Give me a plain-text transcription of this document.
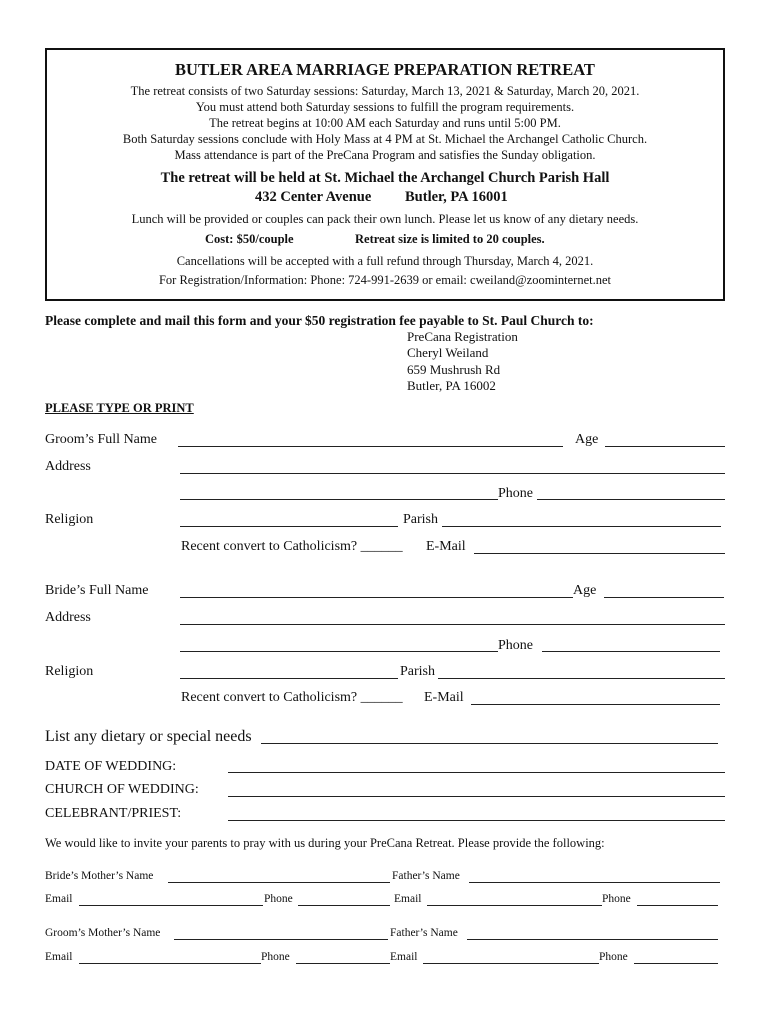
BUTLER AREA MARRIAGE PREPARATION RETREAT
The retreat consists of two Saturday sessions: Saturday, March 13, 2021 & Saturday, March 20, 2021.
You must attend both Saturday sessions to fulfill the program requirements.
The retreat begins at 10:00 AM each Saturday and runs until 5:00 PM.
Both Saturday sessions conclude with Holy Mass at 4 PM at St. Michael the Archangel Catholic Church.
Mass attendance is part of the PreCana Program and satisfies the Sunday obligation.
The retreat will be held at St. Michael the Archangel Church Parish Hall
432 Center Avenue Butler, PA 16001
Lunch will be provided or couples can pack their own lunch. Please let us know of any dietary needs.
Cost: $50/couple	Retreat size is limited to 20 couples.
Cancellations will be accepted with a full refund through Thursday, March 4, 2021.
For Registration/Information: Phone: 724-991-2639 or email: cweiland@zoominternet.net
Please complete and mail this form and your $50 registration fee payable to St. Paul Church to:
PreCana Registration
Cheryl Weiland
659 Mushrush Rd
Butler, PA 16002
PLEASE TYPE OR PRINT
Groom’s Full Name	Age
Address
Phone
Religion	Parish
Recent convert to Catholicism? ______ E-Mail
Bride’s Full Name	Age
Address
Phone
Religion	Parish
Recent convert to Catholicism? ______ E-Mail
List any dietary or special needs
DATE OF WEDDING:
CHURCH OF WEDDING:
CELEBRANT/PRIEST:
We would like to invite your parents to pray with us during your PreCana Retreat. Please provide the following:
Bride’s Mother’s Name	Father’s Name
Email	Phone	Email	Phone
Groom’s Mother’s Name	Father’s Name
Email	Phone	Email	Phone
